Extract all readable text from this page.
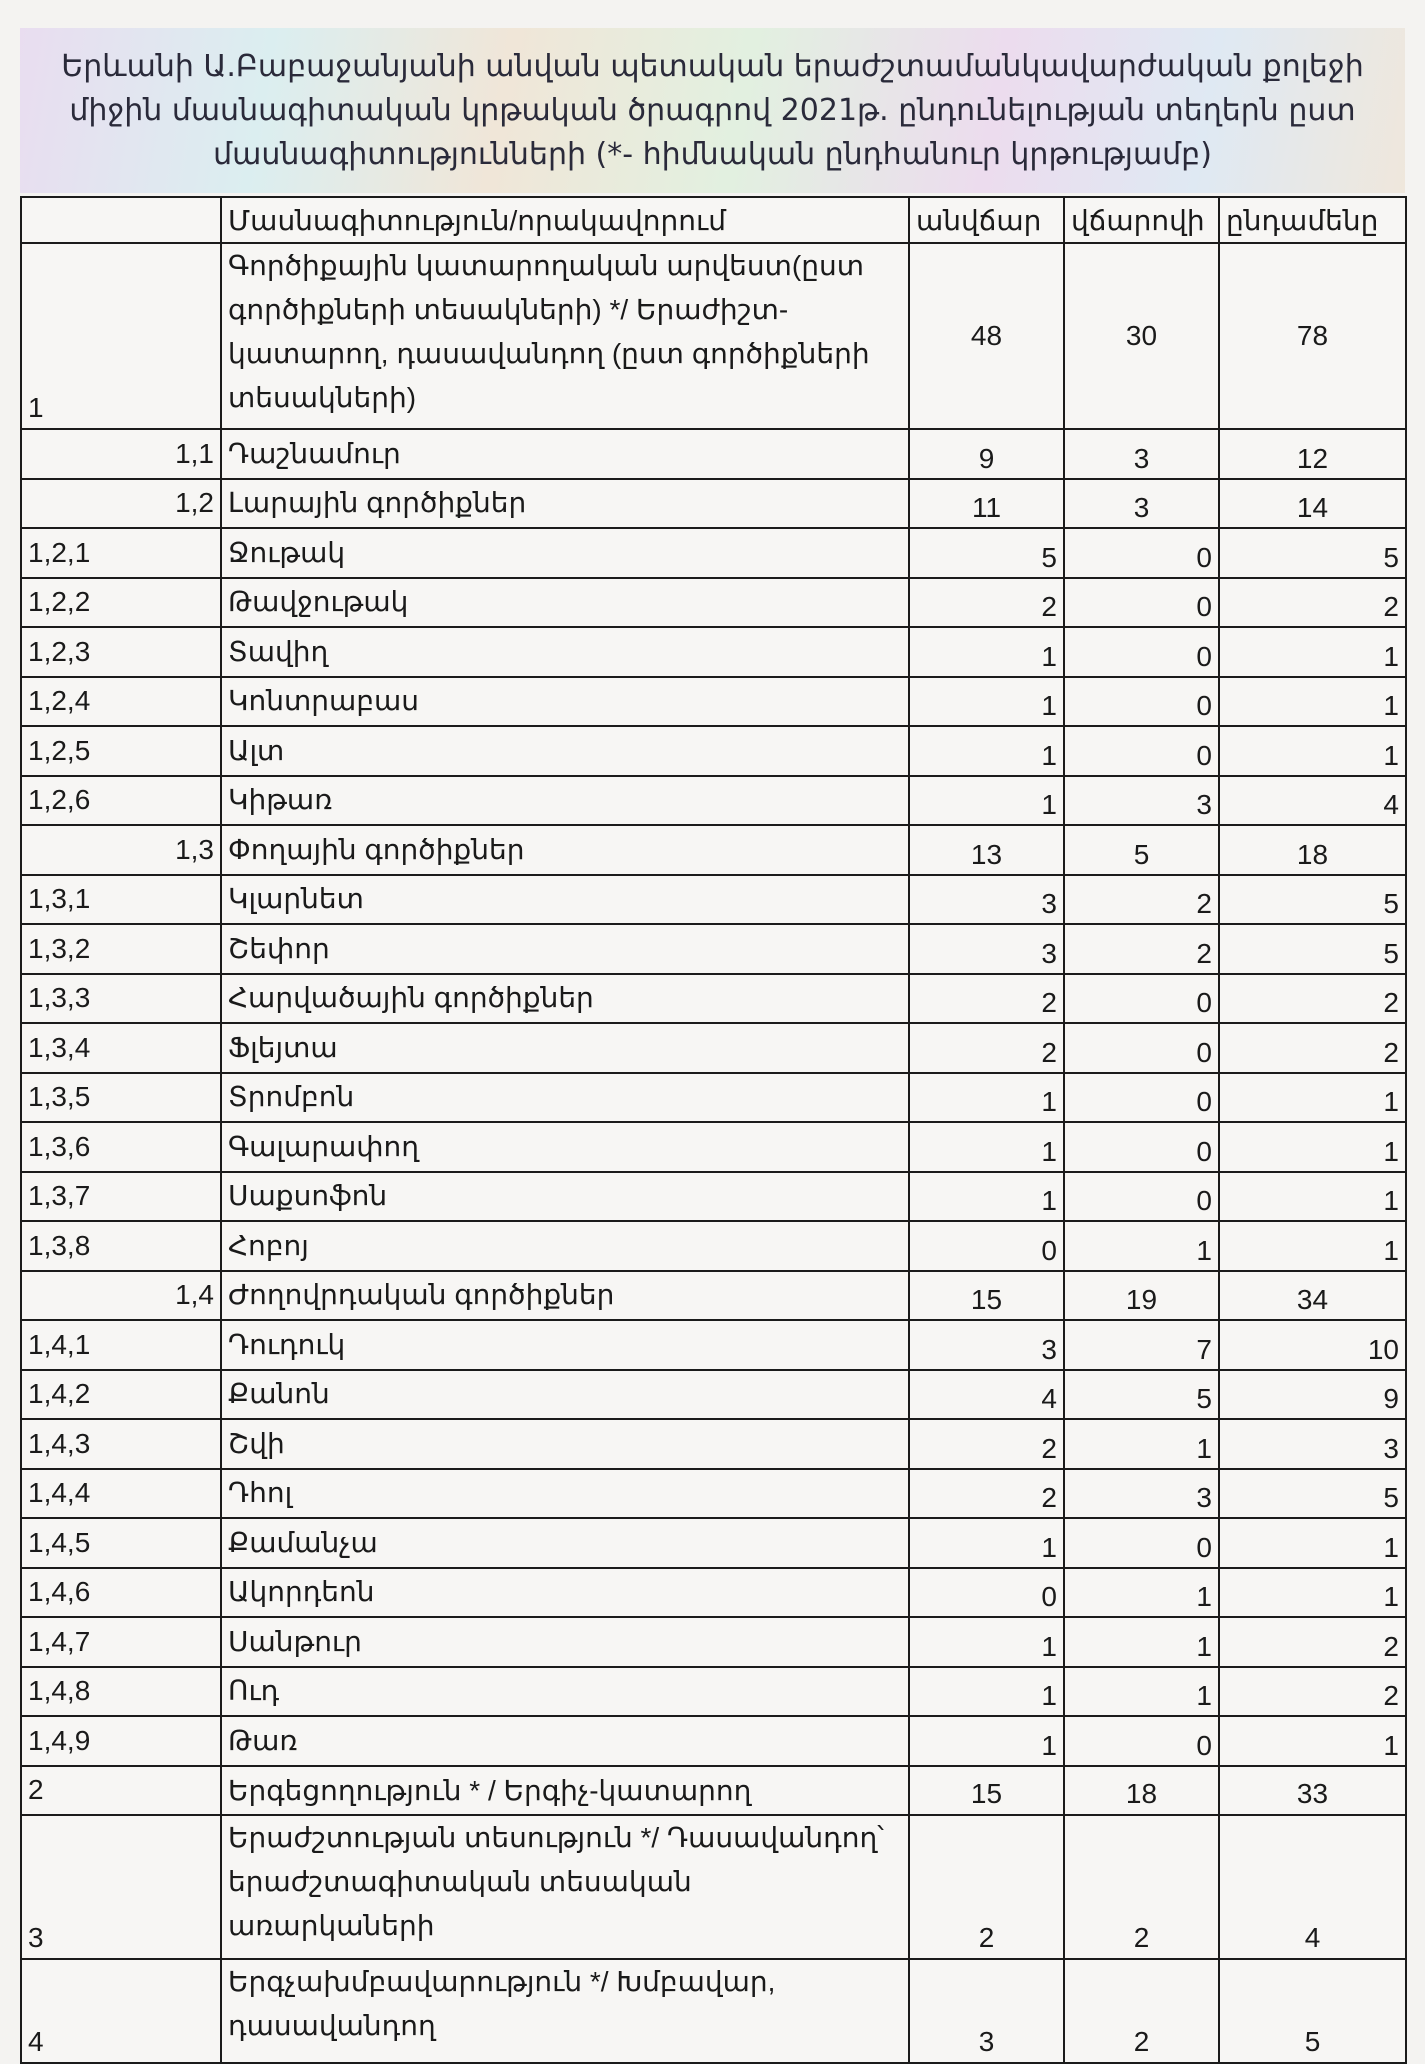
Երևանի Ա.Բաբաջանյանի անվան պետական երաժշտամանկավարժական քոլեջի միջին մասնագիտական կրթական ծրագրով 2021թ. ընդունելության տեղերն ըստ մասնագիտությունների (*- հիմնական ընդհանուր կրթությամբ)
	Մասնագիտություն/որակավորում	անվճար	վճարովի	ընդամենը
1	Գործիքային կատարողական արվեստ(ըստ գործիքների տեսակների) */ Երաժիշտ-կատարող, դասավանդող (ըստ գործիքների տեսակների)	48	30	78
1,1	Դաշնամուր	9	3	12
1,2	Լարային գործիքներ	11	3	14
1,2,1	Ջութակ	5	0	5
1,2,2	Թավջութակ	2	0	2
1,2,3	Տավիղ	1	0	1
1,2,4	Կոնտրաբաս	1	0	1
1,2,5	Ալտ	1	0	1
1,2,6	Կիթառ	1	3	4
1,3	Փողային գործիքներ	13	5	18
1,3,1	Կլարնետ	3	2	5
1,3,2	Շեփոր	3	2	5
1,3,3	Հարվածային գործիքներ	2	0	2
1,3,4	Ֆլեյտա	2	0	2
1,3,5	Տրոմբոն	1	0	1
1,3,6	Գալարափող	1	0	1
1,3,7	Սաքսոֆոն	1	0	1
1,3,8	Հոբոյ	0	1	1
1,4	Ժողովրդական գործիքներ	15	19	34
1,4,1	Դուդուկ	3	7	10
1,4,2	Քանոն	4	5	9
1,4,3	Շվի	2	1	3
1,4,4	Դհոլ	2	3	5
1,4,5	Քամանչա	1	0	1
1,4,6	Ակորդեոն	0	1	1
1,4,7	Սանթուր	1	1	2
1,4,8	Ուդ	1	1	2
1,4,9	Թառ	1	0	1
2	Երգեցողություն * / Երգիչ-կատարող	15	18	33
3	Երաժշտության տեսություն */ Դասավանդող՝ երաժշտագիտական տեսական առարկաների	2	2	4
4	Երգչախմբավարություն */ Խմբավար, դասավանդող	3	2	5
